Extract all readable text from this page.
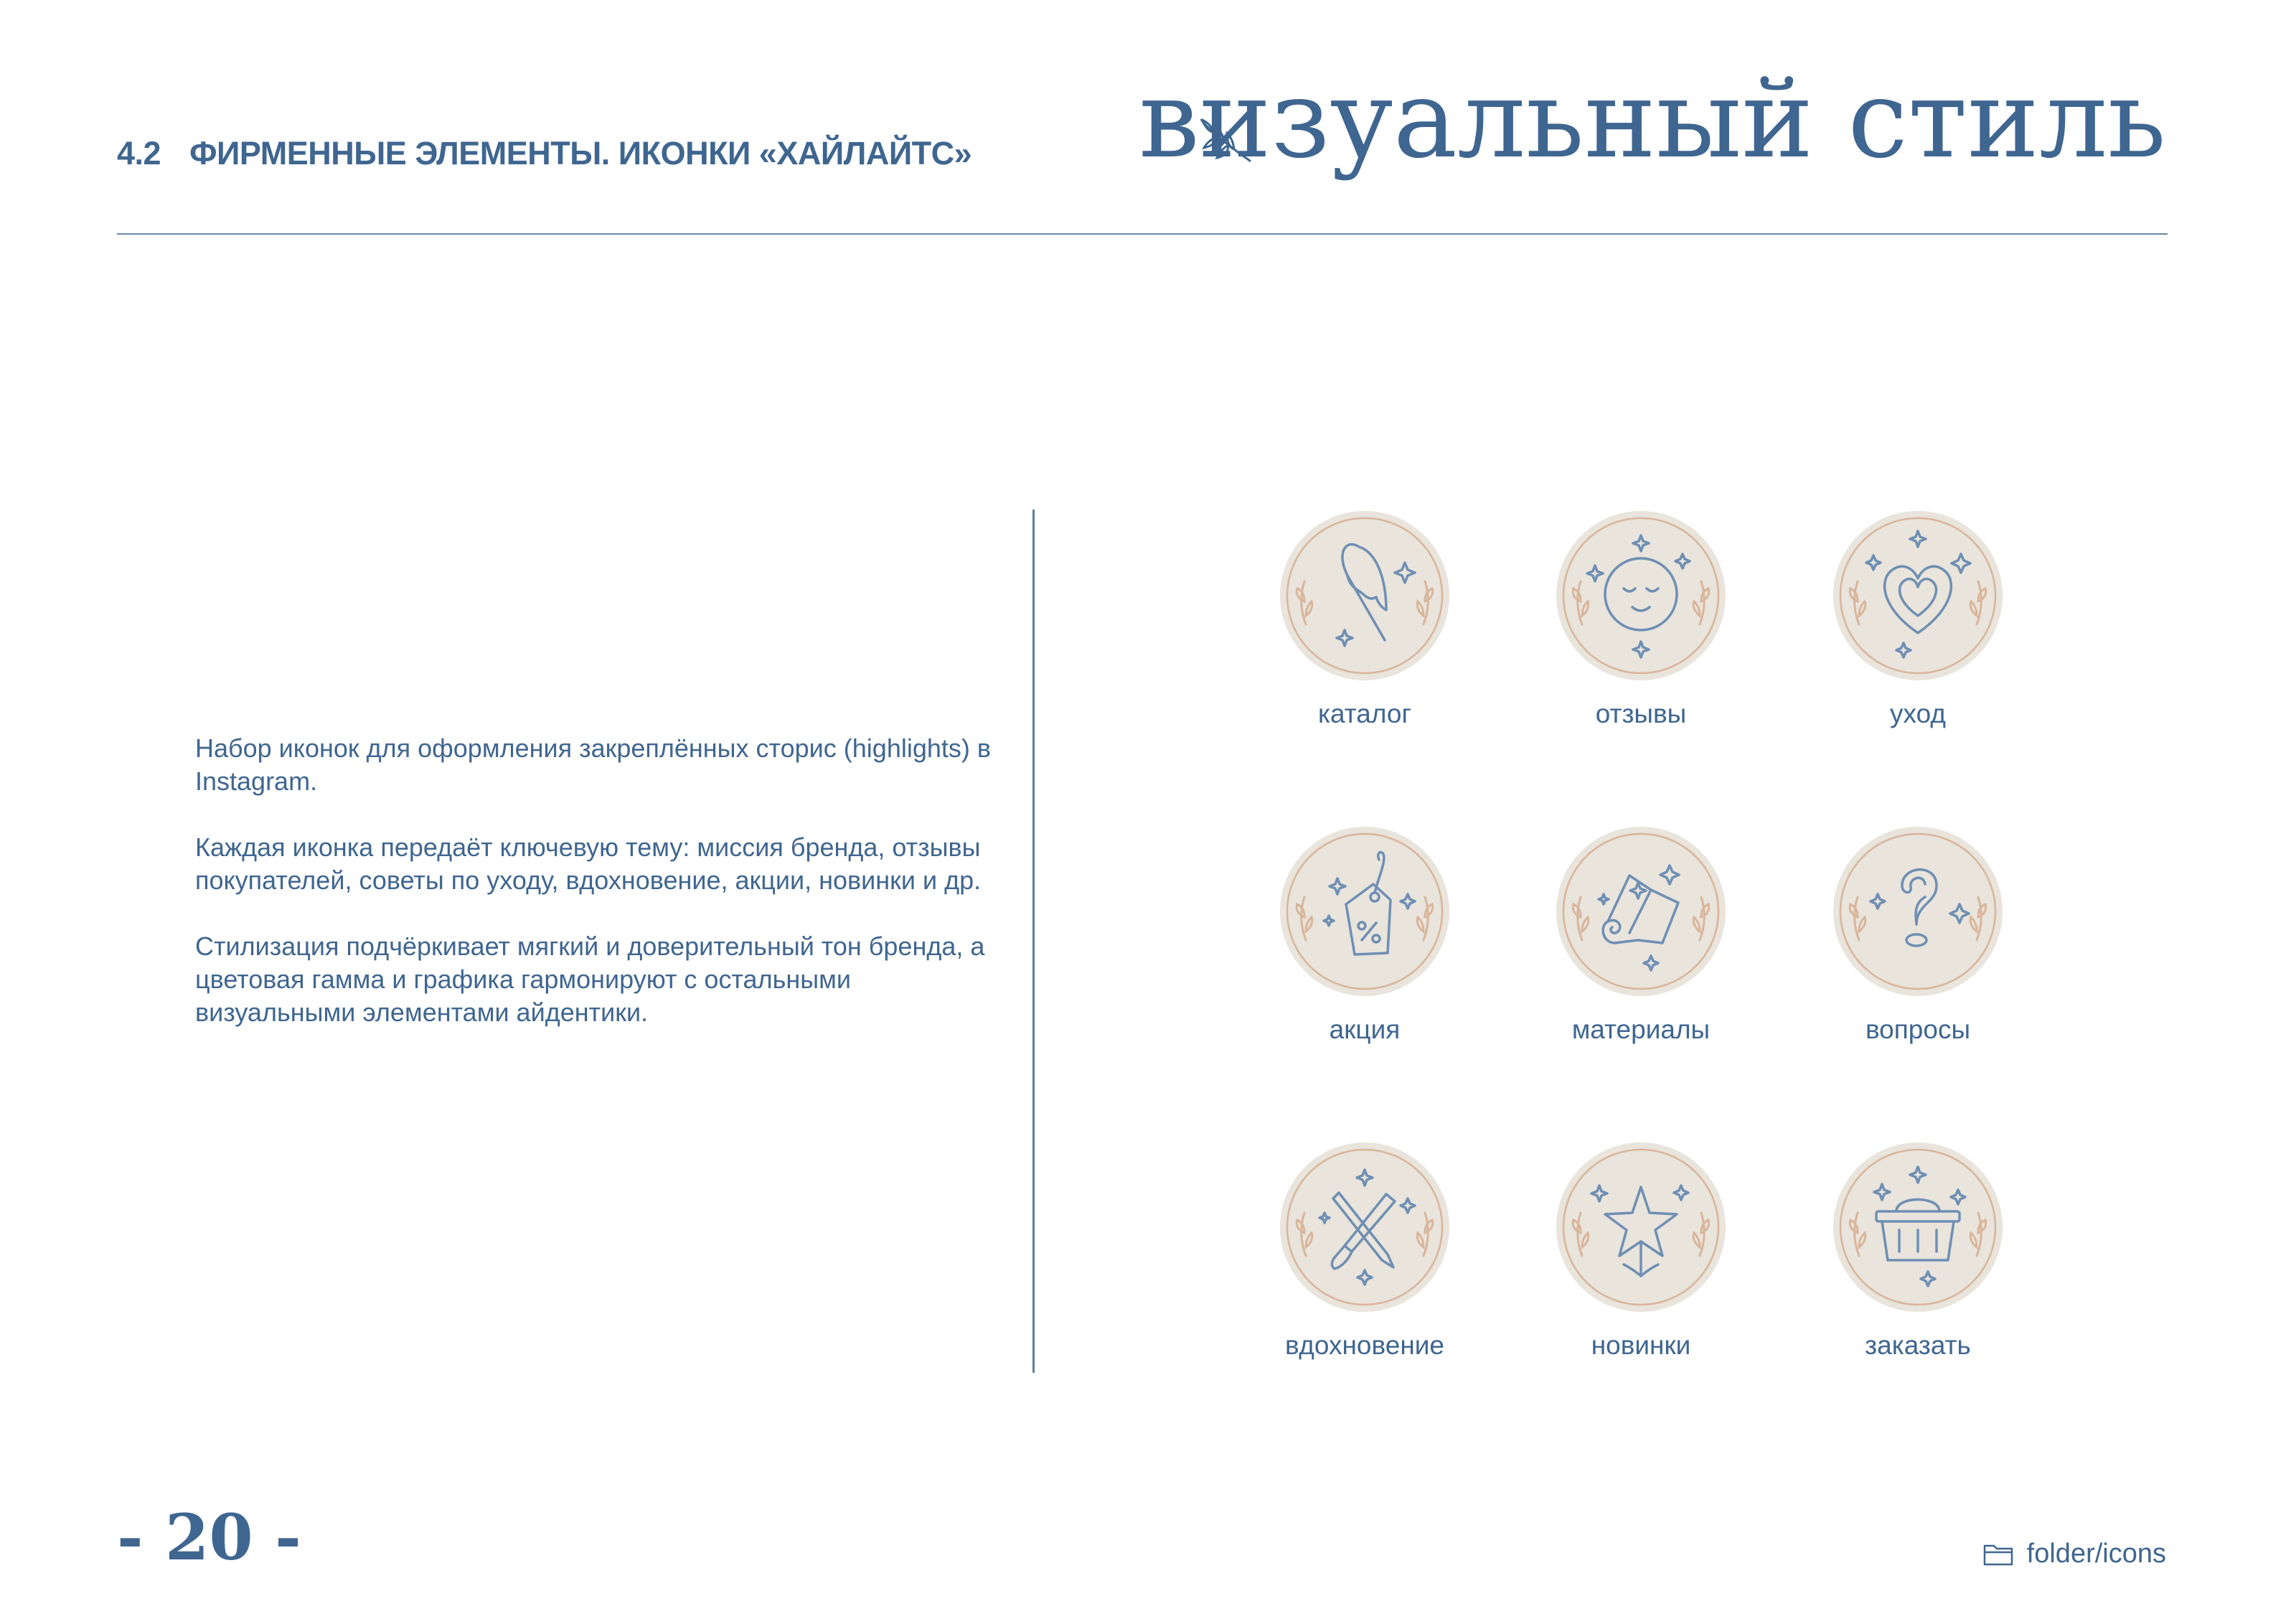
4.2 ФИРМЕННЫЕ ЭЛЕМЕНТЫ. ИКОНКИ «ХАЙЛАЙТС» визуальный стиль

Набор иконок для оформления закреплённых сторис (highlights) в Instagram.

Каждая иконка передаёт ключевую тему: миссия бренда, отзывы покупателей, советы по уходу, вдохновение, акции, новинки и др.

Стилизация подчёркивает мягкий и доверительный тон бренда, а цветовая гамма и графика гармонируют с остальными визуальными элементами айдентики.

каталог	отзывы	уход
акция	материалы	вопросы
вдохновение	новинки	заказать
- 20 -	folder/icons
